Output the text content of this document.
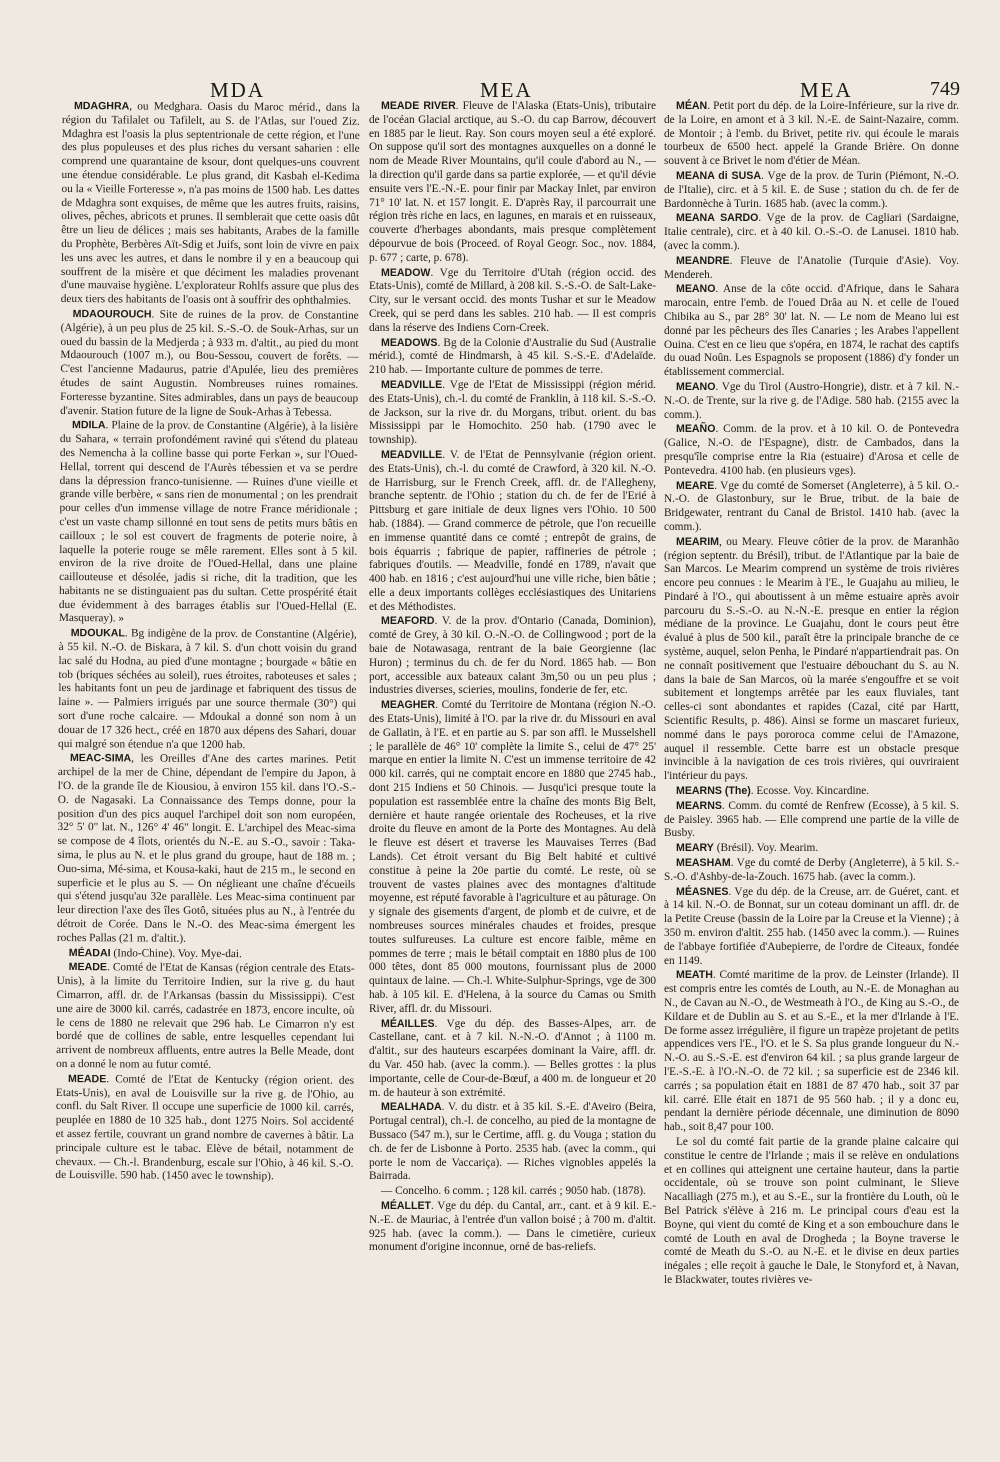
MDA	MEA	MEA	749

MDAGHRA, ou Medghara. Oasis du Maroc mérid., dans la région du Tafilalet ou Tafilelt, au S. de l'Atlas, sur l'oued Ziz. Mdaghra est l'oasis la plus septentrionale de cette région, et l'une des plus populeuses et des plus riches du versant saharien : elle comprend une quarantaine de ksour, dont quelques-uns couvrent une étendue considérable. Le plus grand, dit Kasbah el-Kedima ou la « Vieille Forteresse », n'a pas moins de 1500 hab. Les dattes de Mdaghra sont exquises, de même que les autres fruits, raisins, olives, pêches, abricots et prunes. Il semblerait que cette oasis dût être un lieu de délices ; mais ses habitants, Arabes de la famille du Prophète, Berbères Aït-Sdig et Juifs, sont loin de vivre en paix les uns avec les autres, et dans le nombre il y en a beaucoup qui souffrent de la misère et que déciment les maladies provenant d'une mauvaise hygiène. L'explorateur Rohlfs assure que plus des deux tiers des habitants de l'oasis ont à souffrir des ophthalmies.

MDAOUROUCH. Site de ruines de la prov. de Constantine (Algérie), à un peu plus de 25 kil. S.-S.-O. de Souk-Arhas, sur un oued du bassin de la Medjerda ; à 933 m. d'altit., au pied du mont Mdaourouch (1007 m.), ou Bou-Sessou, couvert de forêts. — C'est l'ancienne Madaurus, patrie d'Apulée, lieu des premières études de saint Augustin. Nombreuses ruines romaines. Forteresse byzantine. Sites admirables, dans un pays de beaucoup d'avenir. Station future de la ligne de Souk-Arhas à Tebessa.

MDILA. Plaine de la prov. de Constantine (Algérie), à la lisière du Sahara, « terrain profondément raviné qui s'étend du plateau des Nemencha à la colline basse qui porte Ferkan », sur l'Oued-Hellal, torrent qui descend de l'Aurès tébessien et va se perdre dans la dépression franco-tunisienne. — Ruines d'une vieille et grande ville berbère, « sans rien de monumental ; on les prendrait pour celles d'un immense village de notre France méridionale ; c'est un vaste champ sillonné en tout sens de petits murs bâtis en cailloux ; le sol est couvert de fragments de poterie noire, à laquelle la poterie rouge se mêle rarement. Elles sont à 5 kil. environ de la rive droite de l'Oued-Hellal, dans une plaine caillouteuse et désolée, jadis si riche, dit la tradition, que les habitants ne se distinguaient pas du sultan. Cette prospérité était due évidemment à des barrages établis sur l'Oued-Hellal (E. Masqueray). »

MDOUKAL. Bg indigène de la prov. de Constantine (Algérie), à 55 kil. N.-O. de Biskara, à 7 kil. S. d'un chott voisin du grand lac salé du Hodna, au pied d'une montagne ; bourgade « bâtie en tob (briques séchées au soleil), rues étroites, raboteuses et sales ; les habitants font un peu de jardinage et fabriquent des tissus de laine ». — Palmiers irrigués par une source thermale (30°) qui sort d'une roche calcaire. — Mdoukal a donné son nom à un douar de 17 326 hect., créé en 1870 aux dépens des Sahari, douar qui malgré son étendue n'a que 1200 hab.

MEAC-SIMA, les Oreilles d'Ane des cartes marines. Petit archipel de la mer de Chine, dépendant de l'empire du Japon, à l'O. de la grande île de Kiousiou, à environ 155 kil. dans l'O.-S.-O. de Nagasaki. La Connaissance des Temps donne, pour la position d'un des pics auquel l'archipel doit son nom européen, 32° 5' 0" lat. N., 126° 4' 46" longit. E. L'archipel des Meac-sima se compose de 4 îlots, orientés du N.-E. au S.-O., savoir : Taka-sima, le plus au N. et le plus grand du groupe, haut de 188 m. ; Ouo-sima, Mé-sima, et Kousa-kaki, haut de 215 m., le second en superficie et le plus au S. — On néglieant une chaîne d'écueils qui s'étend jusqu'au 32e parallèle. Les Meac-sima continuent par leur direction l'axe des îles Gotô, situées plus au N., à l'entrée du détroit de Corée. Dans le N.-O. des Meac-sima émergent les roches Pallas (21 m. d'altit.).

MÉADAI (Indo-Chine). Voy. Mye-dai.

MEADE. Comté de l'Etat de Kansas (région centrale des Etats-Unis), à la limite du Territoire Indien, sur la rive g. du haut Cimarron, affl. dr. de l'Arkansas (bassin du Mississippi). C'est une aire de 3000 kil. carrés, cadastrée en 1873, encore inculte, où le cens de 1880 ne relevait que 296 hab. Le Cimarron n'y est bordé que de collines de sable, entre lesquelles cependant lui arrivent de nombreux affluents, entre autres la Belle Meade, dont on a donné le nom au futur comté.

MEADE. Comté de l'Etat de Kentucky (région orient. des Etats-Unis), en aval de Louisville sur la rive g. de l'Ohio, au confl. du Salt River. Il occupe une superficie de 1000 kil. carrés, peuplée en 1880 de 10 325 hab., dont 1275 Noirs. Sol accidenté et assez fertile, couvrant un grand nombre de cavernes à bâtir. La principale culture est le tabac. Elève de bétail, notamment de chevaux. — Ch.-l. Brandenburg, escale sur l'Ohio, à 46 kil. S.-O. de Louisville. 590 hab. (1450 avec le township).

MEADE RIVER. Fleuve de l'Alaska (Etats-Unis), tributaire de l'océan Glacial arctique, au S.-O. du cap Barrow, découvert en 1885 par le lieut. Ray. Son cours moyen seul a été exploré. On suppose qu'il sort des montagnes auxquelles on a donné le nom de Meade River Mountains, qu'il coule d'abord au N., — la direction qu'il garde dans sa partie explorée, — et qu'il dévie ensuite vers l'E.-N.-E. pour finir par Mackay Inlet, par environ 71° 10' lat. N. et 157 longit. E. D'après Ray, il parcourrait une région très riche en lacs, en lagunes, en marais et en ruisseaux, couverte d'herbages abondants, mais presque complètement dépourvue de bois (Proceed. of Royal Geogr. Soc., nov. 1884, p. 677 ; carte, p. 678).

MEADOW. Vge du Territoire d'Utah (région occid. des Etats-Unis), comté de Millard, à 208 kil. S.-S.-O. de Salt-Lake-City, sur le versant occid. des monts Tushar et sur le Meadow Creek, qui se perd dans les sables. 210 hab. — Il est compris dans la réserve des Indiens Corn-Creek.

MEADOWS. Bg de la Colonie d'Australie du Sud (Australie mérid.), comté de Hindmarsh, à 45 kil. S.-S.-E. d'Adelaïde. 210 hab. — Importante culture de pommes de terre.

MEADVILLE. Vge de l'Etat de Mississippi (région mérid. des Etats-Unis), ch.-l. du comté de Franklin, à 118 kil. S.-S.-O. de Jackson, sur la rive dr. du Morgans, tribut. orient. du bas Mississippi par le Homochito. 250 hab. (1790 avec le township).

MEADVILLE. V. de l'Etat de Pennsylvanie (région orient. des Etats-Unis), ch.-l. du comté de Crawford, à 320 kil. N.-O. de Harrisburg, sur le French Creek, affl. dr. de l'Allegheny, branche septentr. de l'Ohio ; station du ch. de fer de l'Erié à Pittsburg et gare initiale de deux lignes vers l'Ohio. 10 500 hab. (1884). — Grand commerce de pétrole, que l'on recueille en immense quantité dans ce comté ; entrepôt de grains, de bois équarris ; fabrique de papier, raffineries de pétrole ; fabriques d'outils. — Meadville, fondé en 1789, n'avait que 400 hab. en 1816 ; c'est aujourd'hui une ville riche, bien bâtie ; elle a deux importants collèges ecclésiastiques des Unitariens et des Méthodistes.

MEAFORD. V. de la prov. d'Ontario (Canada, Dominion), comté de Grey, à 30 kil. O.-N.-O. de Collingwood ; port de la baie de Notawasaga, rentrant de la baie Georgienne (lac Huron) ; terminus du ch. de fer du Nord. 1865 hab. — Bon port, accessible aux bateaux calant 3m,50 ou un peu plus ; industries diverses, scieries, moulins, fonderie de fer, etc.

MEAGHER. Comté du Territoire de Montana (région N.-O. des Etats-Unis), limité à l'O. par la rive dr. du Missouri en aval de Gallatin, à l'E. et en partie au S. par son affl. le Musselshell ; le parallèle de 46° 10' complète la limite S., celui de 47° 25' marque en entier la limite N. C'est un immense territoire de 42 000 kil. carrés, qui ne comptait encore en 1880 que 2745 hab., dont 215 Indiens et 50 Chinois. — Jusqu'ici presque toute la population est rassemblée entre la chaîne des monts Big Belt, dernière et haute rangée orientale des Rocheuses, et la rive droite du fleuve en amont de la Porte des Montagnes. Au delà le fleuve est désert et traverse les Mauvaises Terres (Bad Lands). Cet étroit versant du Big Belt habité et cultivé constitue à peine la 20e partie du comté. Le reste, où se trouvent de vastes plaines avec des montagnes d'altitude moyenne, est réputé favorable à l'agriculture et au pâturage. On y signale des gisements d'argent, de plomb et de cuivre, et de nombreuses sources minérales chaudes et froides, presque toutes sulfureuses. La culture est encore faible, même en pommes de terre ; mais le bétail comptait en 1880 plus de 100 000 têtes, dont 85 000 moutons, fournissant plus de 2000 quintaux de laine. — Ch.-l. White-Sulphur-Springs, vge de 300 hab. à 105 kil. E. d'Helena, à la source du Camas ou Smith River, affl. dr. du Missouri.

MÉAILLES. Vge du dép. des Basses-Alpes, arr. de Castellane, cant. et à 7 kil. N.-N.-O. d'Annot ; à 1100 m. d'altit., sur des hauteurs escarpées dominant la Vaire, affl. dr. du Var. 450 hab. (avec la comm.). — Belles grottes : la plus importante, celle de Cour-de-Bœuf, a 400 m. de longueur et 20 m. de hauteur à son extrémité.

MEALHADA. V. du distr. et à 35 kil. S.-E. d'Aveiro (Beira, Portugal central), ch.-l. de concelho, au pied de la montagne de Bussaco (547 m.), sur le Certime, affl. g. du Vouga ; station du ch. de fer de Lisbonne à Porto. 2535 hab. (avec la comm., qui porte le nom de Vaccariça). — Riches vignobles appelés la Bairrada.

— Concelho. 6 comm. ; 128 kil. carrés ; 9050 hab. (1878).

MÉALLET. Vge du dép. du Cantal, arr., cant. et à 9 kil. E.-N.-E. de Mauriac, à l'entrée d'un vallon boisé ; à 700 m. d'altit. 925 hab. (avec la comm.). — Dans le cimetière, curieux monument d'origine inconnue, orné de bas-reliefs.

MÉAN. Petit port du dép. de la Loire-Inférieure, sur la rive dr. de la Loire, en amont et à 3 kil. N.-E. de Saint-Nazaire, comm. de Montoir ; à l'emb. du Brivet, petite riv. qui écoule le marais tourbeux de 6500 hect. appelé la Grande Brière. On donne souvent à ce Brivet le nom d'étier de Méan.

MEANA di SUSA. Vge de la prov. de Turin (Piémont, N.-O. de l'Italie), circ. et à 5 kil. E. de Suse ; station du ch. de fer de Bardonnèche à Turin. 1685 hab. (avec la comm.).

MEANA SARDO. Vge de la prov. de Cagliari (Sardaigne, Italie centrale), circ. et à 40 kil. O.-S.-O. de Lanusei. 1810 hab. (avec la comm.).

MEANDRE. Fleuve de l'Anatolie (Turquie d'Asie). Voy. Mendereh.

MEANO. Anse de la côte occid. d'Afrique, dans le Sahara marocain, entre l'emb. de l'oued Drâa au N. et celle de l'oued Chibika au S., par 28° 30' lat. N. — Le nom de Meano lui est donné par les pêcheurs des îles Canaries ; les Arabes l'appellent Ouina. C'est en ce lieu que s'opéra, en 1874, le rachat des captifs du ouad Noûn. Les Espagnols se proposent (1886) d'y fonder un établissement commercial.

MEANO. Vge du Tirol (Austro-Hongrie), distr. et à 7 kil. N.-N.-O. de Trente, sur la rive g. de l'Adige. 580 hab. (2155 avec la comm.).

MEAÑO. Comm. de la prov. et à 10 kil. O. de Pontevedra (Galice, N.-O. de l'Espagne), distr. de Cambados, dans la presqu'île comprise entre la Ria (estuaire) d'Arosa et celle de Pontevedra. 4100 hab. (en plusieurs vges).

MEARE. Vge du comté de Somerset (Angleterre), à 5 kil. O.-N.-O. de Glastonbury, sur le Brue, tribut. de la baie de Bridgewater, rentrant du Canal de Bristol. 1410 hab. (avec la comm.).

MEARIM, ou Meary. Fleuve côtier de la prov. de Maranhão (région septentr. du Brésil), tribut. de l'Atlantique par la baie de San Marcos. Le Mearim comprend un système de trois rivières encore peu connues : le Mearim à l'E., le Guajahu au milieu, le Pindaré à l'O., qui aboutissent à un même estuaire après avoir parcouru du S.-S.-O. au N.-N.-E. presque en entier la région médiane de la province. Le Guajahu, dont le cours peut être évalué à plus de 500 kil., paraît être la principale branche de ce système, auquel, selon Penha, le Pindaré n'appartiendrait pas. On ne connaît positivement que l'estuaire débouchant du S. au N. dans la baie de San Marcos, où la marée s'engouffre et se voit subitement et longtemps arrêtée par les eaux fluviales, tant celles-ci sont abondantes et rapides (Cazal, cité par Hartt, Scientific Results, p. 486). Ainsi se forme un mascaret furieux, nommé dans le pays pororoca comme celui de l'Amazone, auquel il ressemble. Cette barre est un obstacle presque invincible à la navigation de ces trois rivières, qui ouvriraient l'intérieur du pays.

MEARNS (The). Ecosse. Voy. Kincardine.

MEARNS. Comm. du comté de Renfrew (Ecosse), à 5 kil. S. de Paisley. 3965 hab. — Elle comprend une partie de la ville de Busby.

MEARY (Brésil). Voy. Mearim.

MEASHAM. Vge du comté de Derby (Angleterre), à 5 kil. S.-S.-O. d'Ashby-de-la-Zouch. 1675 hab. (avec la comm.).

MÉASNES. Vge du dép. de la Creuse, arr. de Guéret, cant. et à 14 kil. N.-O. de Bonnat, sur un coteau dominant un affl. dr. de la Petite Creuse (bassin de la Loire par la Creuse et la Vienne) ; à 350 m. environ d'altit. 255 hab. (1450 avec la comm.). — Ruines de l'abbaye fortifiée d'Aubepierre, de l'ordre de Citeaux, fondée en 1149.

MEATH. Comté maritime de la prov. de Leinster (Irlande). Il est compris entre les comtés de Louth, au N.-E. de Monaghan au N., de Cavan au N.-O., de Westmeath à l'O., de King au S.-O., de Kildare et de Dublin au S. et au S.-E., et la mer d'Irlande à l'E. De forme assez irrégulière, il figure un trapèze projetant de petits appendices vers l'E., l'O. et le S. Sa plus grande longueur du N.-N.-O. au S.-S.-E. est d'environ 64 kil. ; sa plus grande largeur de l'E.-S.-E. à l'O.-N.-O. de 72 kil. ; sa superficie est de 2346 kil. carrés ; sa population était en 1881 de 87 470 hab., soit 37 par kil. carré. Elle était en 1871 de 95 560 hab. ; il y a donc eu, pendant la dernière période décennale, une diminution de 8090 hab., soit 8,47 pour 100.

Le sol du comté fait partie de la grande plaine calcaire qui constitue le centre de l'Irlande ; mais il se relève en ondulations et en collines qui atteignent une certaine hauteur, dans la partie occidentale, où se trouve son point culminant, le Slieve Nacalliagh (275 m.), et au S.-E., sur la frontière du Louth, où le Bel Patrick s'élève à 216 m. Le principal cours d'eau est la Boyne, qui vient du comté de King et a son embouchure dans le comté de Louth en aval de Drogheda ; la Boyne traverse le comté de Meath du S.-O. au N.-E. et le divise en deux parties inégales ; elle reçoit à gauche le Dale, le Stonyford et, à Navan, le Blackwater, toutes rivières ve-
